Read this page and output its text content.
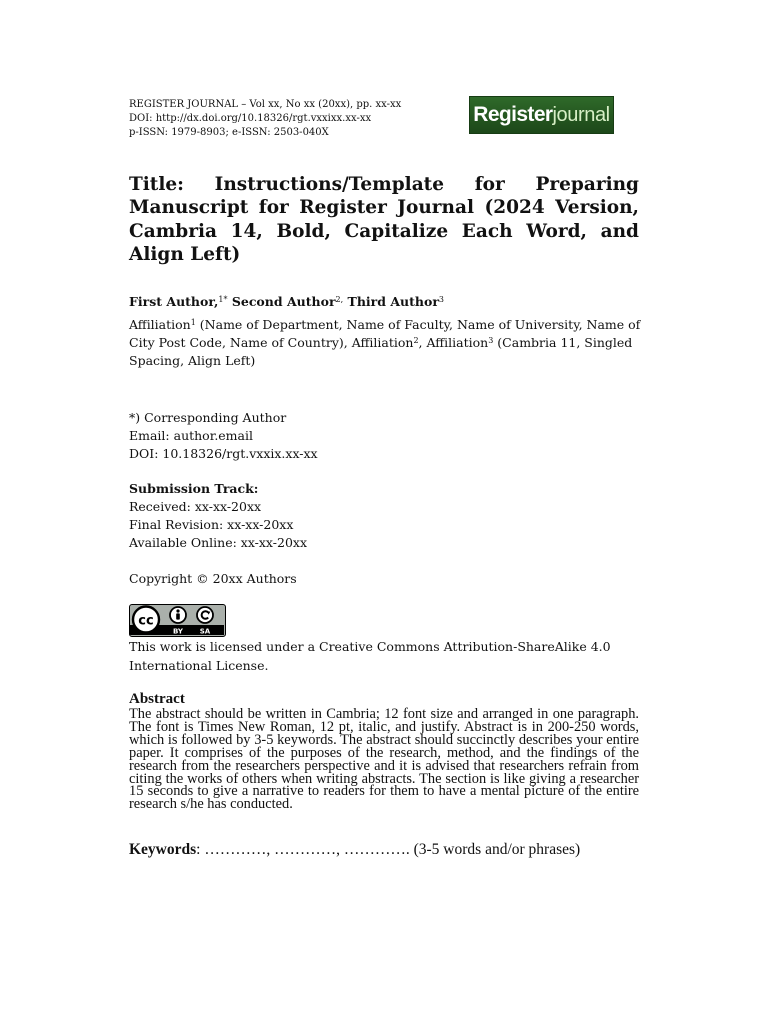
REGISTER JOURNAL – Vol xx, No xx (20xx), pp. xx-xx
DOI: http://dx.doi.org/10.18326/rgt.vxxixx.xx-xx
p-ISSN: 1979-8903; e-ISSN: 2503-040X
Register journal
Title: Instructions/Template for Preparing Manuscript for Register Journal (2024 Version, Cambria 14, Bold, Capitalize Each Word, and Align Left)
First Author,$^{1*}$ Second Author$^{2,}$ Third Author$^3$
Affiliation$^1$ (Name of Department, Name of Faculty, Name of University, Name of City Post Code, Name of Country), Affiliation$^2$, Affiliation$^3$ (Cambria 11, Singled Spacing, Align Left)
*) Corresponding Author
Email: author.email
DOI: 10.18326/rgt.vxxix.xx-xx
Submission Track:
Received: xx-xx-20xx
Final Revision: xx-xx-20xx
Available Online: xx-xx-20xx
Copyright © 20xx Authors
cc
BY SA
This work is licensed under a Creative Commons Attribution-ShareAlike 4.0 International License.
Abstract

The abstract should be written in Cambria; 12 font size and arranged in one paragraph. The font is Times New Roman, 12 pt, italic, and justify. Abstract is in 200-250 words, which is followed by 3-5 keywords. The abstract should succinctly describes your entire paper. It comprises of the purposes of the research, method, and the findings of the research from the researchers perspective and it is advised that researchers refrain from citing the works of others when writing abstracts. The section is like giving a researcher 15 seconds to give a narrative to readers for them to have a mental picture of the entire research s/he has conducted.

Keywords: …………, …………, …………. (3-5 words and/or phrases)
